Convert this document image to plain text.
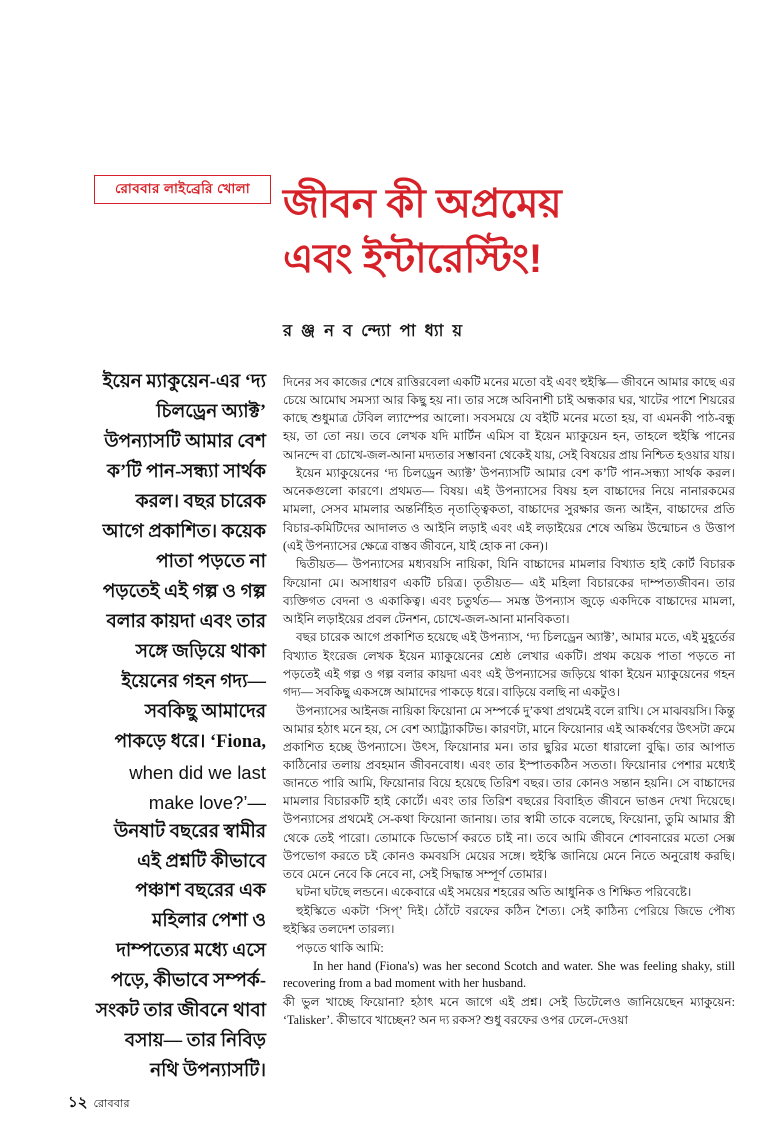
রোববার লাইব্রেরি খোলা জীবন কী অপ্রমেয়
এবং ইন্টারেস্টিং!
র ঞ্জ ন ব ন্দ্যো পা ধ্যা য়
ইয়েন ম্যাকুয়েন-এর ‘দ্য
চিলড্রেন অ্যাক্ট’
উপন্যাসটি আমার বেশ
ক’টি পান-সন্ধ্যা সার্থক
করল। বছর চারেক
আগে প্রকাশিত। কয়েক
পাতা পড়তে না
পড়তেই এই গল্প ও গল্প
বলার কায়দা এবং তার
সঙ্গে জড়িয়ে থাকা
ইয়েনের গহন গদ্য—
সবকিছু আমাদের
পাকড়ে ধরে। ‘Fiona,
when did we last
make love?’—
উনষাট বছরের স্বামীর
এই প্রশ্নটি কীভাবে
পঞ্চাশ বছরের এক
মহিলার পেশা ও
দাম্পত্যের মধ্যে এসে
পড়ে, কীভাবে সম্পর্ক-
সংকট তার জীবনে থাবা
বসায়— তার নিবিড়
নথি উপন্যাসটি।

দিনের সব কাজের শেষে রাত্তিরবেলা একটি মনের মতো বই এবং হুইস্কি— জীবনে আমার কাছে এর চেয়ে আমোঘ সমস্যা আর কিছু হয় না। তার সঙ্গে অবিনাশী চাই অন্ধকার ঘর, খাটের পাশে শিয়রের কাছে শুধুমাত্র টেবিল ল্যাম্পের আলো। সবসময়ে যে বইটি মনের মতো হয়, বা এমনকী পাঠ-বন্ধু হয়, তা তো নয়। তবে লেখক যদি মার্টিন এমিস বা ইয়েন ম্যাকুয়েন হন, তাহলে হুইস্কি পানের আনন্দে বা চোখে-জল-আনা মদ্যতার সম্ভাবনা থেকেই যায়, সেই বিষয়ের প্রায় নিশ্চিত হওয়ার যায়।

ইয়েন ম্যাকুয়েনের ‘দ্য চিলড্রেন অ্যাক্ট’ উপন্যাসটি আমার বেশ ক’টি পান-সন্ধ্যা সার্থক করল। অনেকগুলো কারণে। প্রথমত— বিষয়। এই উপন্যাসের বিষয় হল বাচ্চাদের নিয়ে নানারকমের মামলা, সেসব মামলার অন্তর্নিহিত নৃতাত্ত্বিকতা, বাচ্চাদের সুরক্ষার জন্য আইন, বাচ্চাদের প্রতি বিচার-কমিটিদের আদালত ও আইনি লড়াই এবং এই লড়াইয়ের শেষে অন্তিম উন্মোচন ও উত্তাপ (এই উপন্যাসের ক্ষেত্রে বাস্তব জীবনে, যাই হোক না কেন)।

দ্বিতীয়ত— উপন্যাসের মধ্যবয়সি নায়িকা, যিনি বাচ্চাদের মামলার বিখ্যাত হাই কোর্ট বিচারক ফিয়োনা মে। অসাধারণ একটি চরিত্র। তৃতীয়ত— এই মহিলা বিচারকের দাম্পত্যজীবন। তার ব্যক্তিগত বেদনা ও একাকিত্ব। এবং চতুর্থত— সমস্ত উপন্যাস জুড়ে একদিকে বাচ্চাদের মামলা, আইনি লড়াইয়ের প্রবল টেনশন, চোখে-জল-আনা মানবিকতা।

বছর চারেক আগে প্রকাশিত হয়েছে এই উপন্যাস, ‘দ্য চিলড্রেন অ্যাক্ট’, আমার মতে, এই মুহূর্তের বিখ্যাত ইংরেজ লেখক ইয়েন ম্যাকুয়েনের শ্রেষ্ঠ লেখার একটি। প্রথম কয়েক পাতা পড়তে না পড়তেই এই গল্প ও গল্প বলার কায়দা এবং এই উপন্যাসের জড়িয়ে থাকা ইয়েন ম্যাকুয়েনের গহন গদ্য— সবকিছু একসঙ্গে আমাদের পাকড়ে ধরে। বাড়িয়ে বলছি না একটুও।

উপন্যাসের আইনজ নায়িকা ফিয়োনা মে সম্পর্কে দু’কথা প্রথমেই বলে রাখি। সে মাঝবয়সি। কিন্তু আমার হঠাৎ মনে হয়, সে বেশ অ্যাট্র্যাকটিভ। কারণটা, মানে ফিয়োনার এই আকর্ষণের উৎসটা ক্রমে প্রকাশিত হচ্ছে উপন্যাসে। উৎস, ফিয়োনার মন। তার ছুরির মতো ধারালো বুদ্ধি। তার আপাত কাঠিনোর তলায় প্রবহমান জীবনবোধ। এবং তার ইস্পাতকঠিন সততা। ফিয়োনার পেশার মধ্যেই জানতে পারি আমি, ফিয়োনার বিয়ে হয়েছে তিরিশ বছর। তার কোনও সন্তান হয়নি। সে বাচ্চাদের মামলার বিচারকটি হাই কোর্টে। এবং তার তিরিশ বছরের বিবাহিত জীবনে ভাঙন দেখা দিয়েছে। উপন্যাসের প্রথমেই সে-কথা ফিয়োনা জানায়। তার স্বামী তাকে বলেছে, ফিয়োনা, তুমি আমার স্ত্রী থেকে তেই পারো। তোমাকে ডিভোর্স করতে চাই না। তবে আমি জীবনে শোবনারের মতো সেক্স উপভোগ করতে চই কোনও কমবয়সি মেয়ের সঙ্গে। হুইস্কি জানিয়ে মেনে নিতে অনুরোধ করছি। তবে মেনে নেবে কি নেবে না, সেই সিদ্ধান্ত সম্পূর্ণ তোমার।

ঘটনা ঘটছে লন্ডনে। একেবারে এই সময়ের শহরের অতি আধুনিক ও শিক্ষিত পরিবেষ্টে।

হুইস্কিতে একটা ‘সিপ্‌’ দিই। ঠোঁটে বরফের কঠিন শৈত্য। সেই কাঠিন্য পেরিয়ে জিভে পৌষ্য হুইস্কির তলদেশ তারল্য।

পড়তে থাকি আমি:

In her hand (Fiona's) was her second Scotch and water. She was feeling shaky, still recovering from a bad moment with her husband.

কী ভুল খাচ্ছে ফিয়োনা? হঠাৎ মনে জাগে এই প্রশ্ন। সেই ডিটেলেও জানিয়েছেন ম্যাকুয়েন: ‘Talisker’. কীভাবে খাচ্ছেন? অন দ্য রকস? শুধু বরফের ওপর ঢেলে-দেওয়া

১২ রোববার
